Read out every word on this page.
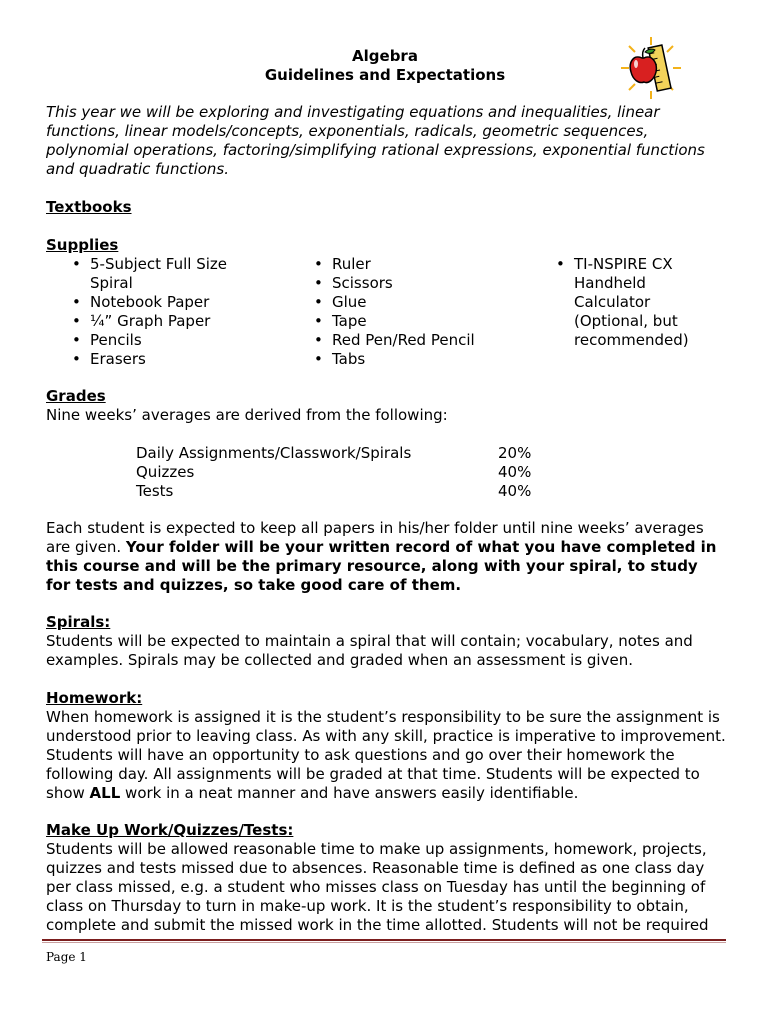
Algebra
Guidelines and Expectations
This year we will be exploring and investigating equations and inequalities, linear functions, linear models/concepts, exponentials, radicals, geometric sequences, polynomial operations, factoring/simplifying rational expressions, exponential functions and quadratic functions.
Textbooks
Supplies
• 5-Subject Full Size Spiral
• Notebook Paper
• ¼” Graph Paper
• Pencils
• Erasers
• Ruler
• Scissors
• Glue
• Tape
• Red Pen/Red Pencil
• Tabs
• TI-NSPIRE CX Handheld Calculator (Optional, but recommended)
Grades
Nine weeks’ averages are derived from the following:
Daily Assignments/Classwork/Spirals	20%
Quizzes	40%
Tests	40%
Each student is expected to keep all papers in his/her folder until nine weeks’ averages are given. Your folder will be your written record of what you have completed in this course and will be the primary resource, along with your spiral, to study for tests and quizzes, so take good care of them.
Spirals:
Students will be expected to maintain a spiral that will contain; vocabulary, notes and examples. Spirals may be collected and graded when an assessment is given.
Homework:
When homework is assigned it is the student’s responsibility to be sure the assignment is understood prior to leaving class. As with any skill, practice is imperative to improvement. Students will have an opportunity to ask questions and go over their homework the following day. All assignments will be graded at that time. Students will be expected to show ALL work in a neat manner and have answers easily identifiable.
Make Up Work/Quizzes/Tests:
Students will be allowed reasonable time to make up assignments, homework, projects, quizzes and tests missed due to absences. Reasonable time is defined as one class day per class missed, e.g. a student who misses class on Tuesday has until the beginning of class on Thursday to turn in make-up work. It is the student’s responsibility to obtain, complete and submit the missed work in the time allotted. Students will not be required
Page 1
